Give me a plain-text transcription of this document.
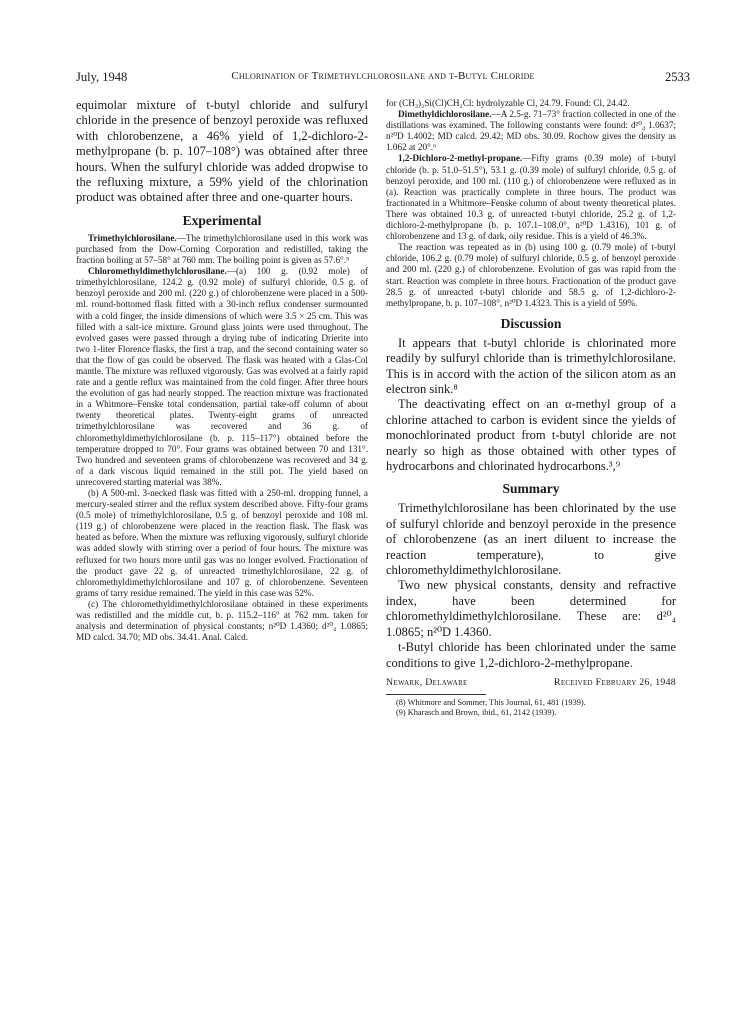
July, 1948	Chlorination of Trimethylchlorosilane and t-Butyl Chloride	2533

equimolar mixture of t-butyl chloride and sulfuryl chloride in the presence of benzoyl peroxide was refluxed with chlorobenzene, a 46% yield of 1,2-dichloro-2-methylpropane (b. p. 107–108°) was obtained after three hours. When the sulfuryl chloride was added dropwise to the refluxing mixture, a 59% yield of the chlorination product was obtained after three and one-quarter hours.

Experimental

Trimethylchlorosilane.—The trimethylchlorosilane used in this work was purchased from the Dow-Corning Corporation and redistilled, taking the fraction boiling at 57–58° at 760 mm. The boiling point is given as 57.6°.⁵

Chloromethyldimethylchlorosilane.—(a) 100 g. (0.92 mole) of trimethylchlorosilane, 124.2 g. (0.92 mole) of sulfuryl chloride, 0.5 g. of benzoyl peroxide and 200 ml. (220 g.) of chlorobenzene were placed in a 500-ml. round-bottomed flask fitted with a 30-inch reflux condenser surmounted with a cold finger, the inside dimensions of which were 3.5 × 25 cm. This was filled with a salt-ice mixture. Ground glass joints were used throughout. The evolved gases were passed through a drying tube of indicating Drierite into two 1-liter Florence flasks, the first a trap, and the second containing water so that the flow of gas could be observed. The flask was heated with a Glas-Col mantle. The mixture was refluxed vigorously. Gas was evolved at a fairly rapid rate and a gentle reflux was maintained from the cold finger. After three hours the evolution of gas had nearly stopped. The reaction mixture was fractionated in a Whitmore–Fenske total condensation, partial take-off column of about twenty theoretical plates. Twenty-eight grams of unreacted trimethylchlorosilane was recovered and 36 g. of chloromethyldimethylchlorosilane (b. p. 115–117°) obtained before the temperature dropped to 70°. Four grams was obtained between 70 and 131°. Two hundred and seventeen grams of chlorobenzene was recovered and 34 g. of a dark viscous liquid remained in the still pot. The yield based on unrecovered starting material was 38%.

(b) A 500-ml. 3-necked flask was fitted with a 250-ml. dropping funnel, a mercury-sealed stirrer and the reflux system described above. Fifty-four grams (0.5 mole) of trimethylchlorosilane, 0.5 g. of benzoyl peroxide and 108 ml. (119 g.) of chlorobenzene were placed in the reaction flask. The flask was heated as before. When the mixture was refluxing vigorously, sulfuryl chloride was added slowly with stirring over a period of four hours. The mixture was refluxed for two hours more until gas was no longer evolved. Fractionation of the product gave 22 g. of unreacted trimethylchlorosilane, 22 g. of chloromethyldimethylchlorosilane and 107 g. of chlorobenzene. Seventeen grams of tarry residue remained. The yield in this case was 52%.

(c) The chloromethyldimethylchlorosilane obtained in these experiments was redistilled and the middle cut, b. p. 115.2–116° at 762 mm. taken for analysis and determination of physical constants; n²⁰D 1.4360; d²⁰₄ 1.0865; MD calcd. 34.70; MD obs. 34.41. Anal. Calcd.

for (CH₃)₂Si(Cl)CH₂Cl: hydrolyzable Cl, 24.79. Found: Cl, 24.42.

Dimethyldichlorosilane.—A 2.5-g. 71–73° fraction collected in one of the distillations was examined. The following constants were found: d²⁰₄ 1.0637; n²⁰D 1.4002; MD calcd. 29.42; MD obs. 30.09. Rochow gives the density as 1.062 at 20°.⁶

1,2-Dichloro-2-methyl-propane.—Fifty grams (0.39 mole) of t-butyl chloride (b. p. 51.0–51.5°), 53.1 g. (0.39 mole) of sulfuryl chloride, 0.5 g. of benzoyl peroxide, and 100 ml. (110 g.) of chlorobenzene were refluxed as in (a). Reaction was practically complete in three hours. The product was fractionated in a Whitmore–Fenske column of about twenty theoretical plates. There was obtained 10.3 g. of unreacted t-butyl chloride, 25.2 g. of 1,2-dichloro-2-methylpropane (b. p. 107.1–108.0°, n²⁰D 1.4316), 101 g. of chlorobenzene and 13 g. of dark, oily residue. This is a yield of 46.3%.

The reaction was repeated as in (b) using 100 g. (0.79 mole) of t-butyl chloride, 106.2 g. (0.79 mole) of sulfuryl chloride, 0.5 g. of benzoyl peroxide and 200 ml. (220 g.) of chlorobenzene. Evolution of gas was rapid from the start. Reaction was complete in three hours. Fractionation of the product gave 28.5 g. of unreacted t-butyl chloride and 58.5 g. of 1,2-dichloro-2-methylpropane, b. p. 107–108°, n²⁰D 1.4323. This is a yield of 59%.

Discussion

It appears that t-butyl chloride is chlorinated more readily by sulfuryl chloride than is trimethylchlorosilane. This is in accord with the action of the silicon atom as an electron sink.⁸

The deactivating effect on an α-methyl group of a chlorine attached to carbon is evident since the yields of monochlorinated product from t-butyl chloride are not nearly so high as those obtained with other types of hydrocarbons and chlorinated hydrocarbons.³,⁹

Summary

Trimethylchlorosilane has been chlorinated by the use of sulfuryl chloride and benzoyl peroxide in the presence of chlorobenzene (as an inert diluent to increase the reaction temperature), to give chloromethyldimethylchlorosilane.

Two new physical constants, density and refractive index, have been determined for chloromethyldimethylchlorosilane. These are: d²⁰₄ 1.0865; n²⁰D 1.4360.

t-Butyl chloride has been chlorinated under the same conditions to give 1,2-dichloro-2-methylpropane.

Newark, Delaware	Received February 26, 1948

(8) Whitmore and Sommer, This Journal, 61, 481 (1939).

(9) Kharasch and Brown, ibid., 61, 2142 (1939).
